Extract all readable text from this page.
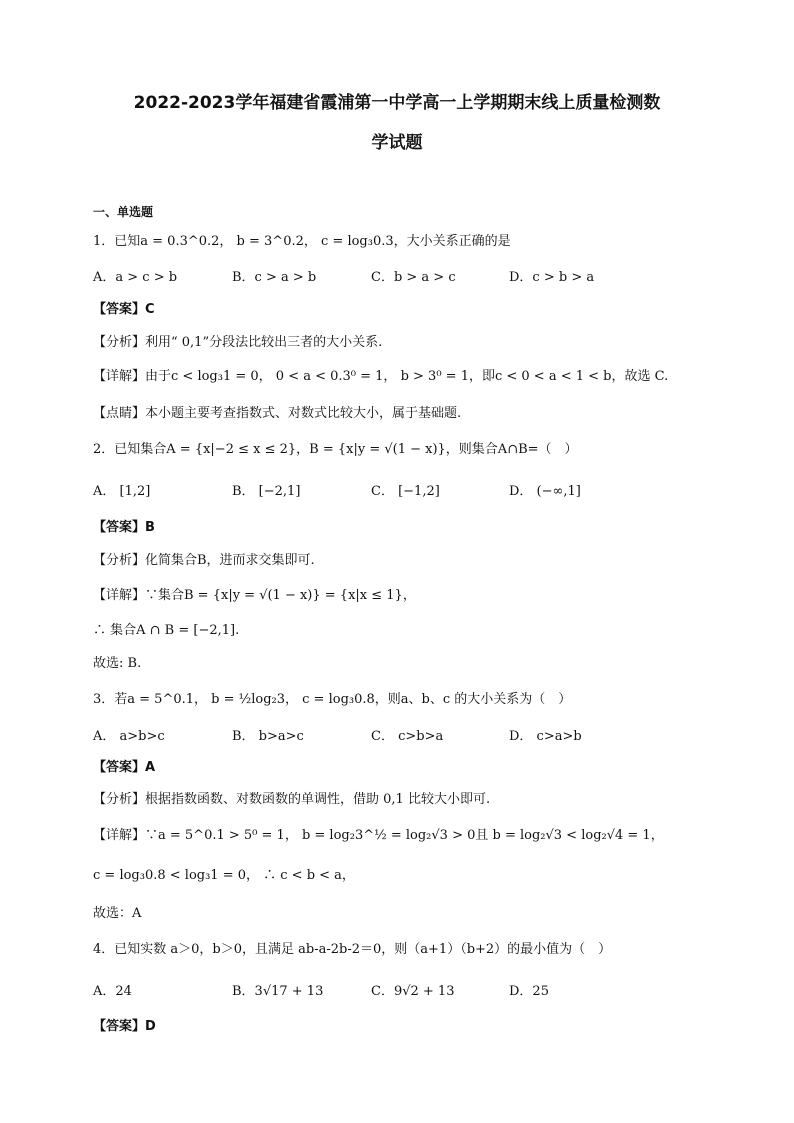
2022-2023学年福建省霞浦第一中学高一上学期期末线上质量检测数
学试题
一、单选题
1．已知a = 0.3^0.2， b = 3^0.2， c = log₃0.3，大小关系正确的是
A．a > c > b	B．c > a > b	C．b > a > c	D．c > b > a
【答案】C
【分析】利用“ 0,1”分段法比较出三者的大小关系.
【详解】由于c < log₃1 = 0， 0 < a < 0.3⁰ = 1， b > 3⁰ = 1，即c < 0 < a < 1 < b，故选 C.
【点睛】本小题主要考查指数式、对数式比较大小，属于基础题.
2．已知集合A = {x|−2 ≤ x ≤ 2}，B = {x|y = √(1 − x)}，则集合A∩B=（　）
A． [1,2]	B． [−2,1]	C． [−1,2]	D． (−∞,1]
【答案】B
【分析】化简集合B，进而求交集即可.
【详解】∵集合B = {x|y = √(1 − x)} = {x|x ≤ 1}，
∴ 集合A ∩ B = [−2,1].
故选: B.
3．若a = 5^0.1， b = ½log₂3， c = log₃0.8，则a、b、c 的大小关系为（　）
A． a>b>c	B． b>a>c	C． c>b>a	D． c>a>b
【答案】A
【分析】根据指数函数、对数函数的单调性，借助 0,1 比较大小即可.
【详解】∵a = 5^0.1 > 5⁰ = 1， b = log₂3^½ = log₂√3 > 0且 b = log₂√3 < log₂√4 = 1，
c = log₃0.8 < log₃1 = 0， ∴ c < b < a，
故选：A
4．已知实数 a＞0，b＞0，且满足 ab-a-2b-2＝0，则（a+1）（b+2）的最小值为（　）
A．24	B．3√17 + 13	C．9√2 + 13	D．25
【答案】D
